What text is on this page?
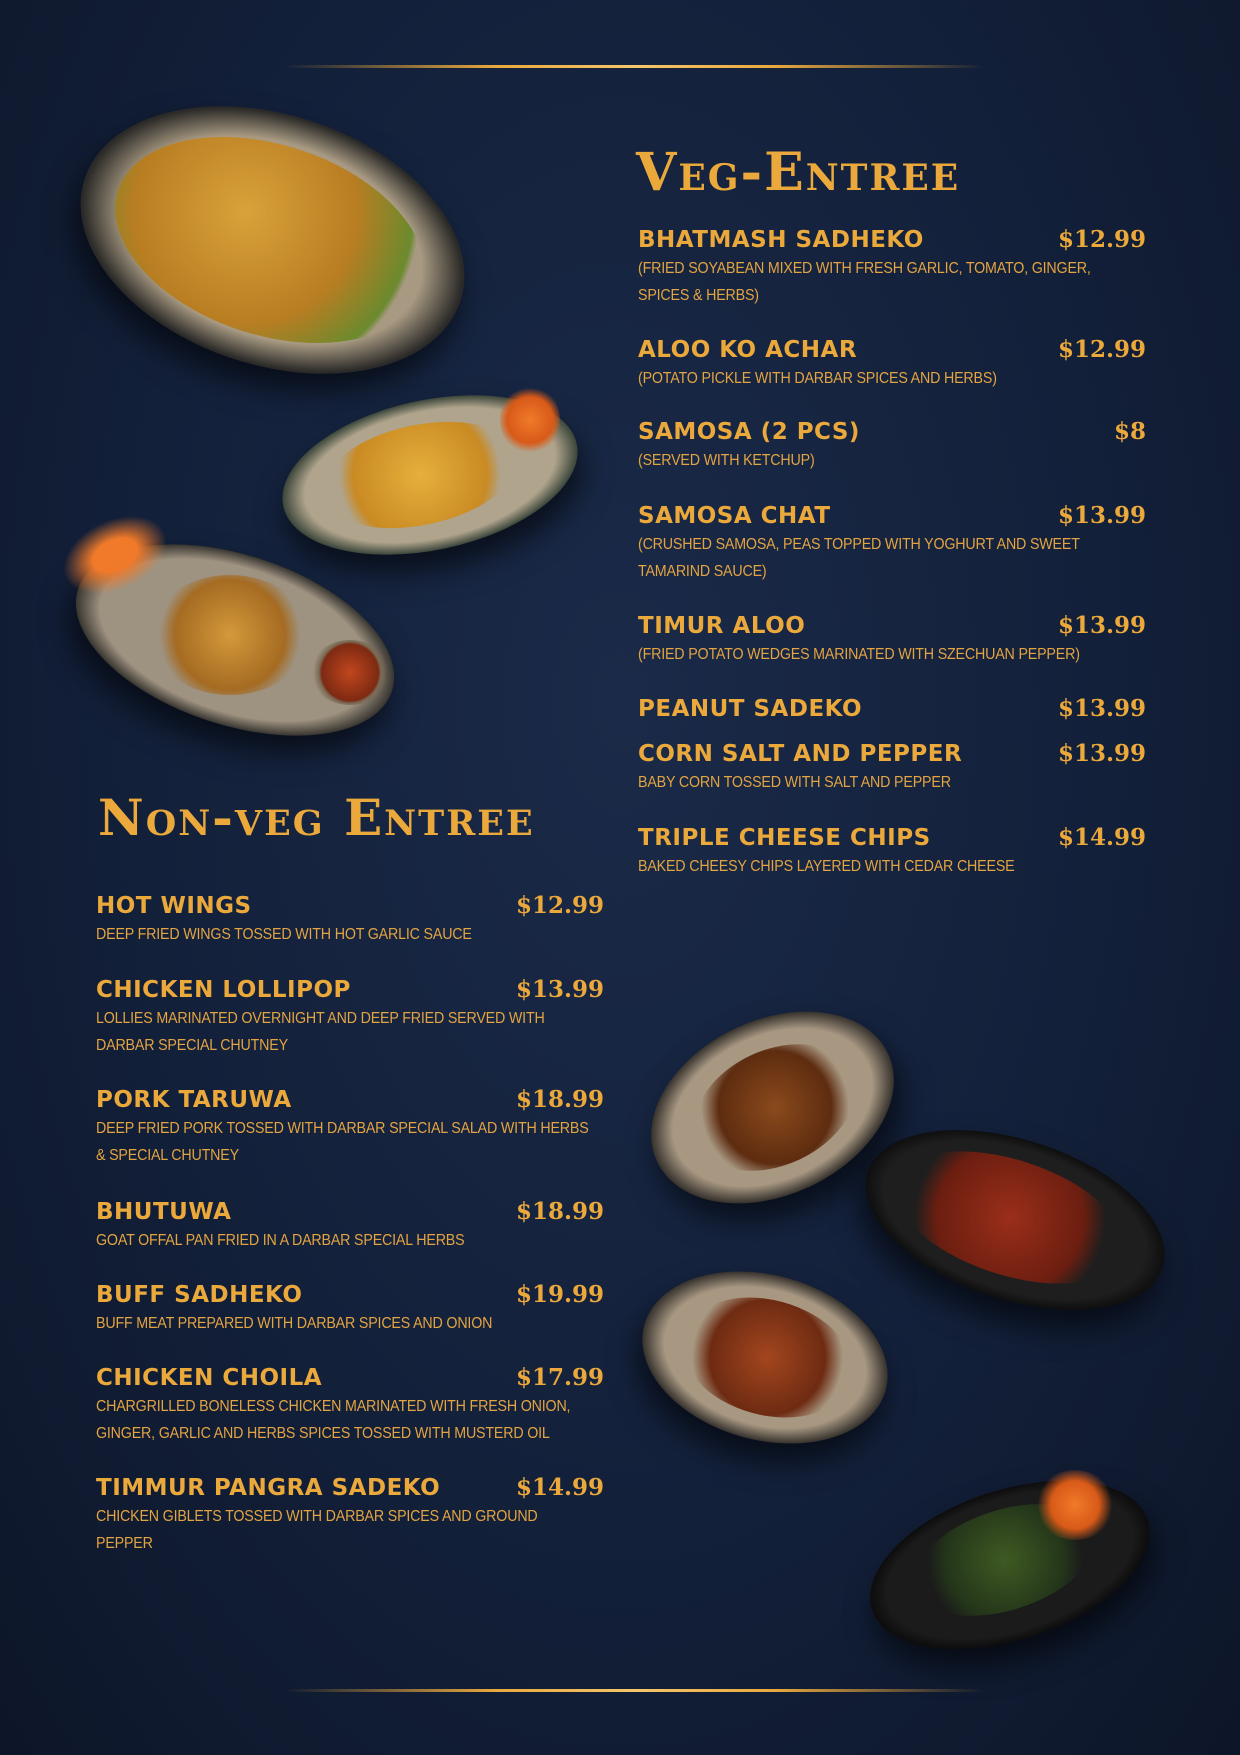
Veg-Entree
BHATMASH SADHEKO	$12.99
(FRIED SOYABEAN MIXED WITH FRESH GARLIC, TOMATO, GINGER, SPICES & HERBS)
ALOO KO ACHAR	$12.99
(POTATO PICKLE WITH DARBAR SPICES AND HERBS)
SAMOSA (2 PCS)	$8
(SERVED WITH KETCHUP)
SAMOSA CHAT	$13.99
(CRUSHED SAMOSA, PEAS TOPPED WITH YOGHURT AND SWEET TAMARIND SAUCE)
TIMUR ALOO	$13.99
(FRIED POTATO WEDGES MARINATED WITH SZECHUAN PEPPER)
PEANUT SADEKO	$13.99
CORN SALT AND PEPPER	$13.99
BABY CORN TOSSED WITH SALT AND PEPPER
TRIPLE CHEESE CHIPS	$14.99
BAKED CHEESY CHIPS LAYERED WITH CEDAR CHEESE
Non-veg Entree
HOT WINGS	$12.99
DEEP FRIED WINGS TOSSED WITH HOT GARLIC SAUCE
CHICKEN LOLLIPOP	$13.99
LOLLIES MARINATED OVERNIGHT AND DEEP FRIED SERVED WITH DARBAR SPECIAL CHUTNEY
PORK TARUWA	$18.99
DEEP FRIED PORK TOSSED WITH DARBAR SPECIAL SALAD WITH HERBS & SPECIAL CHUTNEY
BHUTUWA	$18.99
GOAT OFFAL PAN FRIED IN A DARBAR SPECIAL HERBS
BUFF SADHEKO	$19.99
BUFF MEAT PREPARED WITH DARBAR SPICES AND ONION
CHICKEN CHOILA	$17.99
CHARGRILLED BONELESS CHICKEN MARINATED WITH FRESH ONION, GINGER, GARLIC AND HERBS SPICES TOSSED WITH MUSTERD OIL
TIMMUR PANGRA SADEKO	$14.99
CHICKEN GIBLETS TOSSED WITH DARBAR SPICES AND GROUND PEPPER
